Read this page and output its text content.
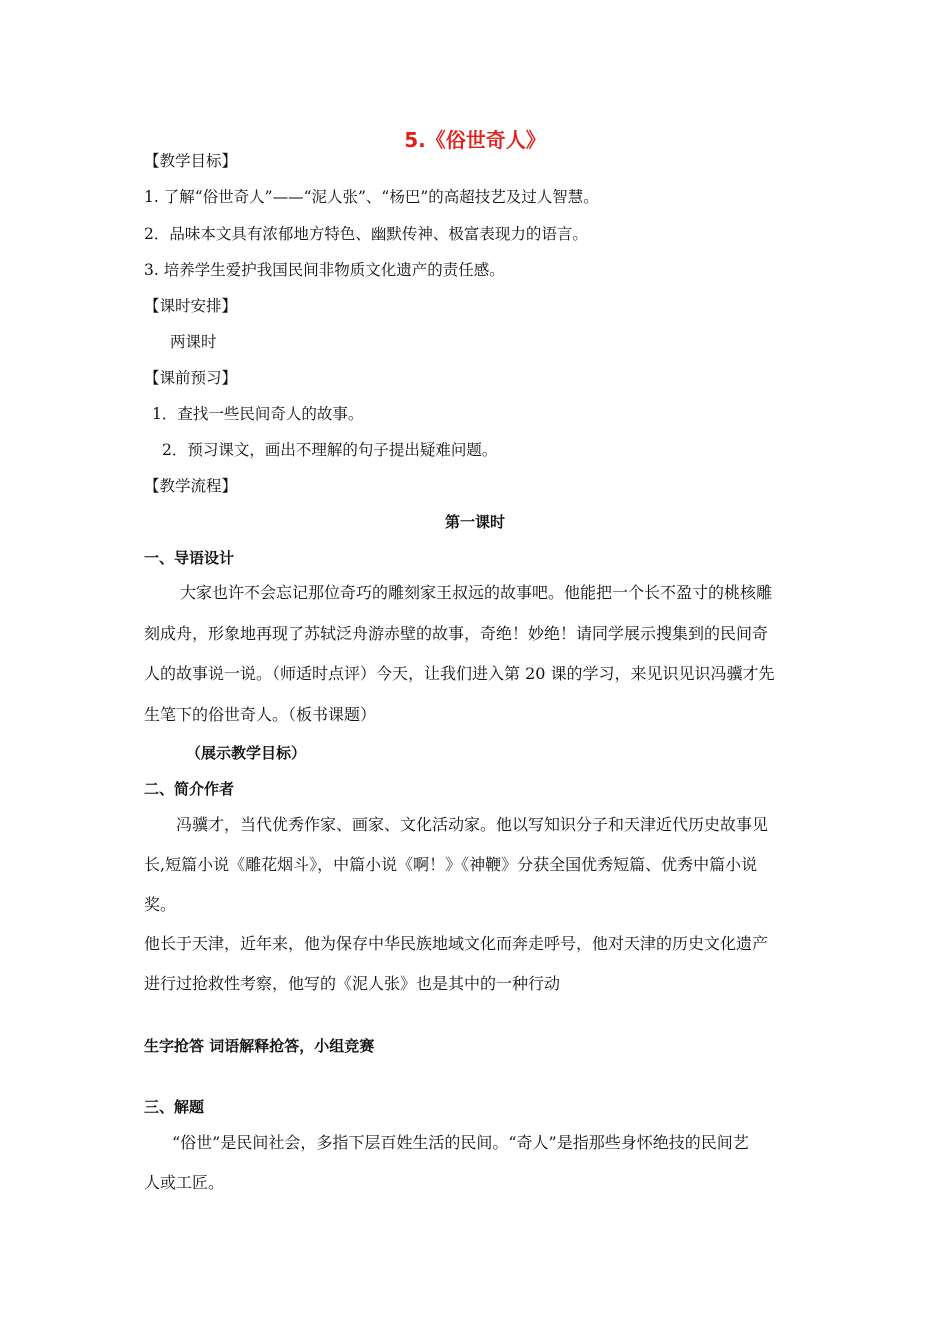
5.《俗世奇人》
【教学目标】
1. 了解“俗世奇人”——“泥人张”、“杨巴”的高超技艺及过人智慧。
2．品味本文具有浓郁地方特色、幽默传神、极富表现力的语言。
3. 培养学生爱护我国民间非物质文化遗产的责任感。
【课时安排】
两课时
【课前预习】
1．查找一些民间奇人的故事。
2．预习课文，画出不理解的句子提出疑难问题。
【教学流程】
第一课时
一、导语设计
大家也许不会忘记那位奇巧的雕刻家王叔远的故事吧。他能把一个长不盈寸的桃核雕
刻成舟，形象地再现了苏轼泛舟游赤壁的故事，奇绝！妙绝！请同学展示搜集到的民间奇
人的故事说一说。（师适时点评）今天，让我们进入第 20 课的学习，来见识见识冯骥才先
生笔下的俗世奇人。（板书课题）
（展示教学目标）
二、简介作者
冯骥才，当代优秀作家、画家、文化活动家。他以写知识分子和天津近代历史故事见
长,短篇小说《雕花烟斗》，中篇小说《啊！》《神鞭》分获全国优秀短篇、优秀中篇小说
奖。
他长于天津，近年来，他为保存中华民族地域文化而奔走呼号，他对天津的历史文化遗产
进行过抢救性考察，他写的《泥人张》也是其中的一种行动
生字抢答 词语解释抢答，小组竞赛
三、解题
“俗世”是民间社会，多指下层百姓生活的民间。“奇人”是指那些身怀绝技的民间艺
人或工匠。
